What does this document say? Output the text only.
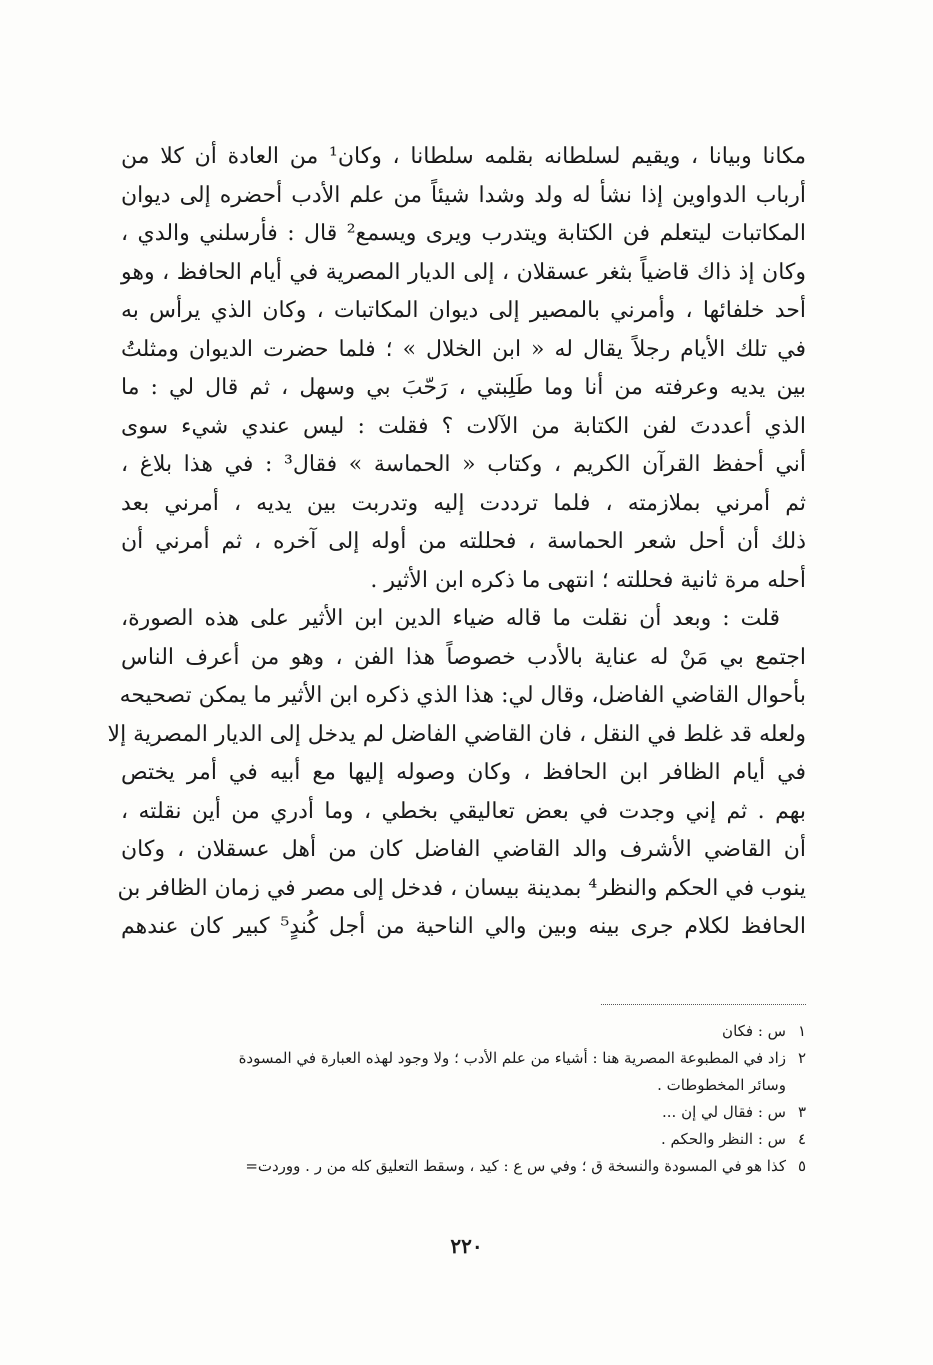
مكانا وبيانا ، ويقيم لسلطانه بقلمه سلطانا ، وكان¹ من العادة أن كلا من
أرباب الدواوين إذا نشأ له ولد وشدا شيئاً من علم الأدب أحضره إلى ديوان
المكاتبات ليتعلم فن الكتابة ويتدرب ويرى ويسمع² قال : فأرسلني والدي ،
وكان إذ ذاك قاضياً بثغر عسقلان ، إلى الديار المصرية في أيام الحافظ ، وهو
أحد خلفائها ، وأمرني بالمصير إلى ديوان المكاتبات ، وكان الذي يرأس به
في تلك الأيام رجلاً يقال له « ابن الخلال » ؛ فلما حضرت الديوان ومثلتُ
بين يديه وعرفته من أنا وما طَلِبتي ، رَحّبَ بي وسهل ، ثم قال لي : ما
الذي أعددتَ لفن الكتابة من الآلات ؟ فقلت : ليس عندي شيء سوى
أني أحفظ القرآن الكريم ، وكتاب « الحماسة » فقال³ : في هذا بلاغ ،
ثم أمرني بملازمته ، فلما ترددت إليه وتدربت بين يديه ، أمرني بعد
ذلك أن أحل شعر الحماسة ، فحللته من أوله إلى آخره ، ثم أمرني أن
أحله مرة ثانية فحللته ؛ انتهى ما ذكره ابن الأثير .
قلت : وبعد أن نقلت ما قاله ضياء الدين ابن الأثير على هذه الصورة،
اجتمع بي مَنْ له عناية بالأدب خصوصاً هذا الفن ، وهو من أعرف الناس
بأحوال القاضي الفاضل، وقال لي: هذا الذي ذكره ابن الأثير ما يمكن تصحيحه
ولعله قد غلط في النقل ، فان القاضي الفاضل لم يدخل إلى الديار المصرية إلا
في أيام الظافر ابن الحافظ ، وكان وصوله إليها مع أبيه في أمر يختص
بهم . ثم إني وجدت في بعض تعاليقي بخطي ، وما أدري من أين نقلته ،
أن القاضي الأشرف والد القاضي الفاضل كان من أهل عسقلان ، وكان
ينوب في الحكم والنظر⁴ بمدينة بيسان ، فدخل إلى مصر في زمان الظافر بن
الحافظ لكلام جرى بينه وبين والي الناحية من أجل كُندٍ⁵ كبير كان عندهم
١
س : فكان
٢
زاد في المطبوعة المصرية هنا : أشياء من علم الأدب ؛ ولا وجود لهذه العبارة في المسودة
وسائر المخطوطات .
٣
س : فقال لي إن ...
٤
س : النظر والحكم .
٥
كذا هو في المسودة والنسخة ق ؛ وفي س ع : كيد ، وسقط التعليق كله من ر . ووردت=
٢٢٠
